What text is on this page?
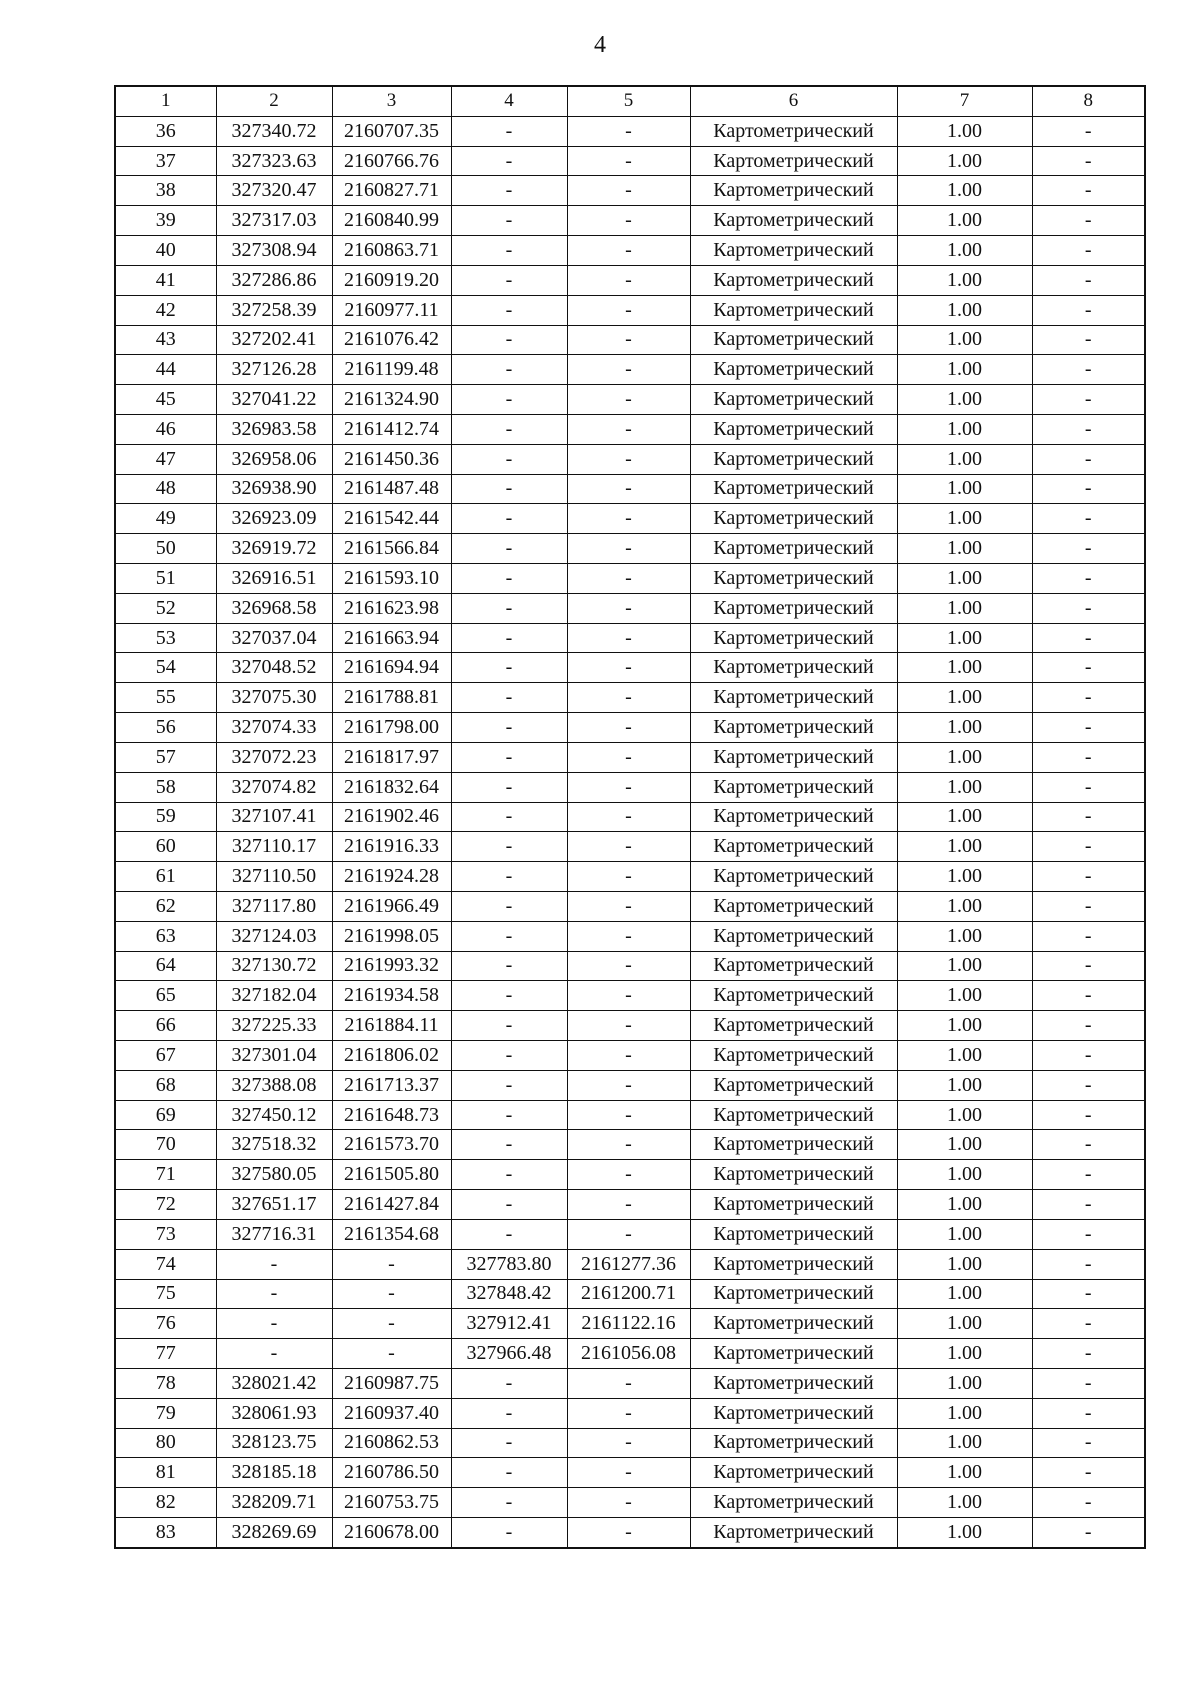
4
1	2	3	4	5	6	7	8
36	327340.72	2160707.35	-	-	Картометрический	1.00	-
37	327323.63	2160766.76	-	-	Картометрический	1.00	-
38	327320.47	2160827.71	-	-	Картометрический	1.00	-
39	327317.03	2160840.99	-	-	Картометрический	1.00	-
40	327308.94	2160863.71	-	-	Картометрический	1.00	-
41	327286.86	2160919.20	-	-	Картометрический	1.00	-
42	327258.39	2160977.11	-	-	Картометрический	1.00	-
43	327202.41	2161076.42	-	-	Картометрический	1.00	-
44	327126.28	2161199.48	-	-	Картометрический	1.00	-
45	327041.22	2161324.90	-	-	Картометрический	1.00	-
46	326983.58	2161412.74	-	-	Картометрический	1.00	-
47	326958.06	2161450.36	-	-	Картометрический	1.00	-
48	326938.90	2161487.48	-	-	Картометрический	1.00	-
49	326923.09	2161542.44	-	-	Картометрический	1.00	-
50	326919.72	2161566.84	-	-	Картометрический	1.00	-
51	326916.51	2161593.10	-	-	Картометрический	1.00	-
52	326968.58	2161623.98	-	-	Картометрический	1.00	-
53	327037.04	2161663.94	-	-	Картометрический	1.00	-
54	327048.52	2161694.94	-	-	Картометрический	1.00	-
55	327075.30	2161788.81	-	-	Картометрический	1.00	-
56	327074.33	2161798.00	-	-	Картометрический	1.00	-
57	327072.23	2161817.97	-	-	Картометрический	1.00	-
58	327074.82	2161832.64	-	-	Картометрический	1.00	-
59	327107.41	2161902.46	-	-	Картометрический	1.00	-
60	327110.17	2161916.33	-	-	Картометрический	1.00	-
61	327110.50	2161924.28	-	-	Картометрический	1.00	-
62	327117.80	2161966.49	-	-	Картометрический	1.00	-
63	327124.03	2161998.05	-	-	Картометрический	1.00	-
64	327130.72	2161993.32	-	-	Картометрический	1.00	-
65	327182.04	2161934.58	-	-	Картометрический	1.00	-
66	327225.33	2161884.11	-	-	Картометрический	1.00	-
67	327301.04	2161806.02	-	-	Картометрический	1.00	-
68	327388.08	2161713.37	-	-	Картометрический	1.00	-
69	327450.12	2161648.73	-	-	Картометрический	1.00	-
70	327518.32	2161573.70	-	-	Картометрический	1.00	-
71	327580.05	2161505.80	-	-	Картометрический	1.00	-
72	327651.17	2161427.84	-	-	Картометрический	1.00	-
73	327716.31	2161354.68	-	-	Картометрический	1.00	-
74	-	-	327783.80	2161277.36	Картометрический	1.00	-
75	-	-	327848.42	2161200.71	Картометрический	1.00	-
76	-	-	327912.41	2161122.16	Картометрический	1.00	-
77	-	-	327966.48	2161056.08	Картометрический	1.00	-
78	328021.42	2160987.75	-	-	Картометрический	1.00	-
79	328061.93	2160937.40	-	-	Картометрический	1.00	-
80	328123.75	2160862.53	-	-	Картометрический	1.00	-
81	328185.18	2160786.50	-	-	Картометрический	1.00	-
82	328209.71	2160753.75	-	-	Картометрический	1.00	-
83	328269.69	2160678.00	-	-	Картометрический	1.00	-
